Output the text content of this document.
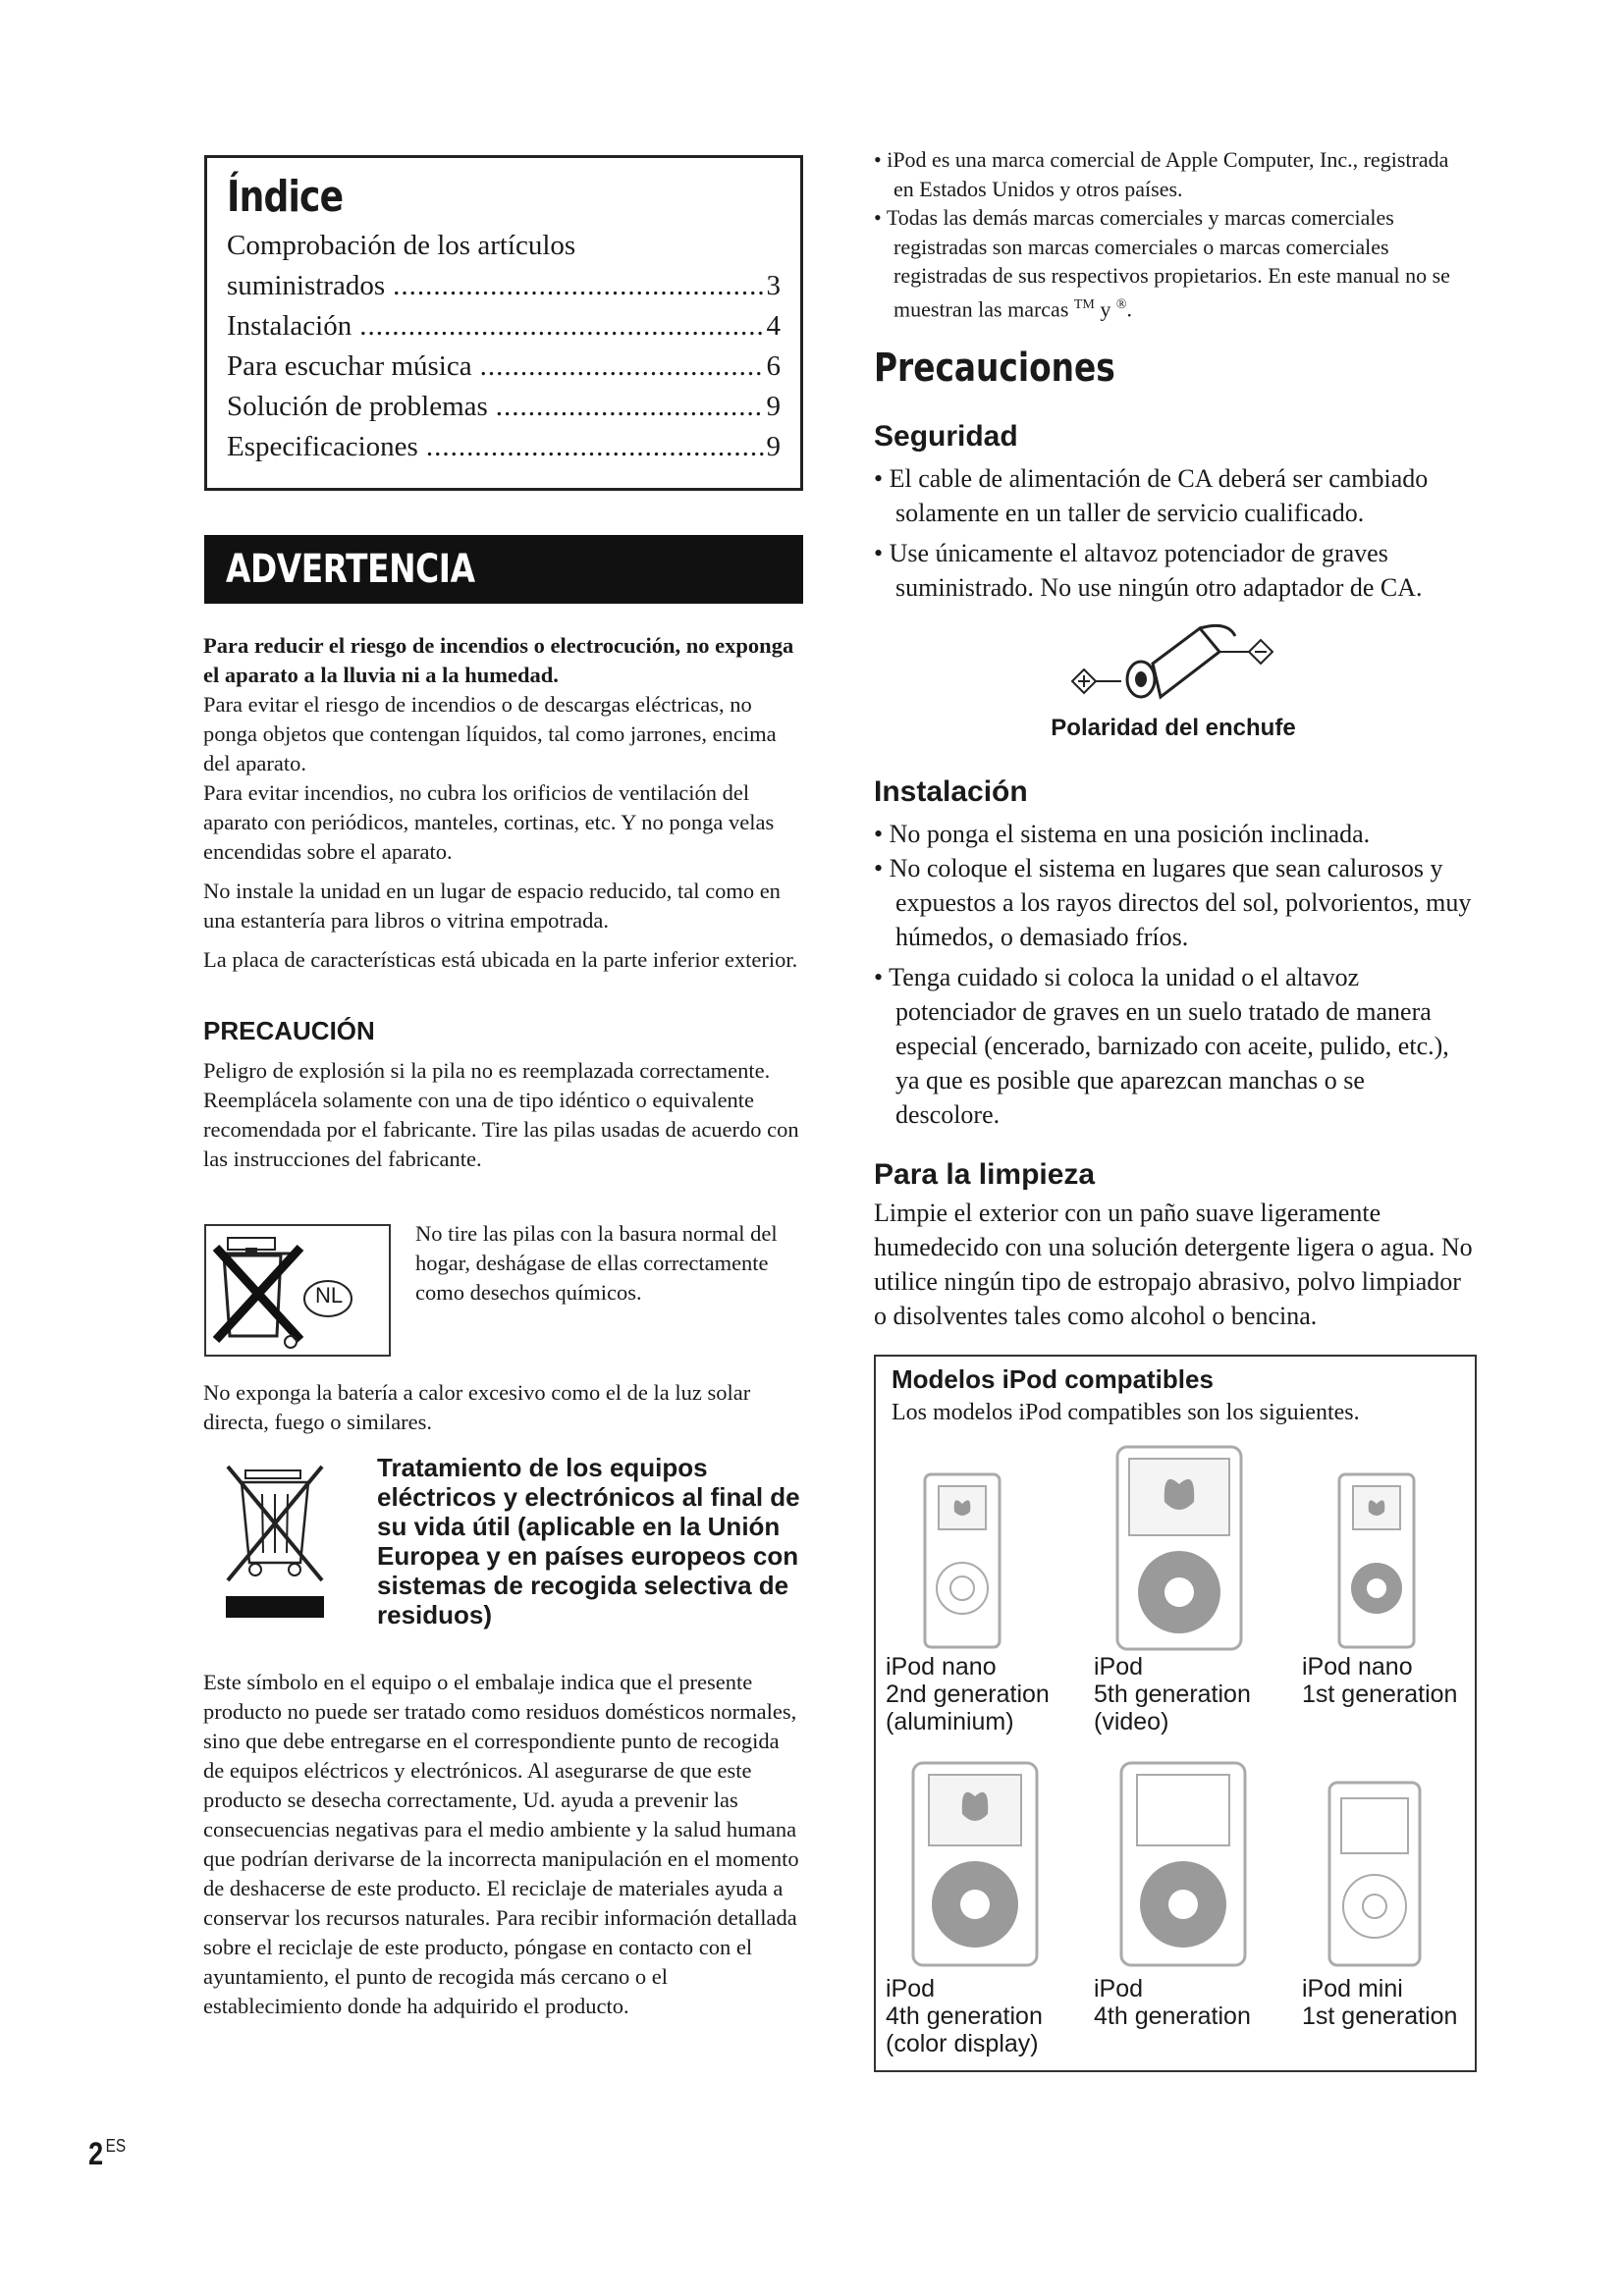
Índice
Comprobación de los artículos
suministrados .....	3
Instalación .....	4
Para escuchar música .....	6
Solución de problemas .....	9
Especificaciones .....	9
ADVERTENCIA

Para reducir el riesgo de incendios o electrocución, no exponga el aparato a la lluvia ni a la humedad.

Para evitar el riesgo de incendios o de descargas eléctricas, no ponga objetos que contengan líquidos, tal como jarrones, encima del aparato.

Para evitar incendios, no cubra los orificios de ventilación del aparato con periódicos, manteles, cortinas, etc. Y no ponga velas encendidas sobre el aparato.

No instale la unidad en un lugar de espacio reducido, tal como en una estantería para libros o vitrina empotrada.

La placa de características está ubicada en la parte inferior exterior.

PRECAUCIÓN

Peligro de explosión si la pila no es reemplazada correctamente. Reemplácela solamente con una de tipo idéntico o equivalente recomendada por el fabricante. Tire las pilas usadas de acuerdo con las instrucciones del fabricante.

NL

No tire las pilas con la basura normal del hogar, deshágase de ellas correctamente como desechos químicos.

No exponga la batería a calor excesivo como el de la luz solar directa, fuego o similares.

Tratamiento de los equipos eléctricos y electrónicos al final de su vida útil (aplicable en la Unión Europea y en países europeos con sistemas de recogida selectiva de residuos)

Este símbolo en el equipo o el embalaje indica que el presente producto no puede ser tratado como residuos domésticos normales, sino que debe entregarse en el correspondiente punto de recogida de equipos eléctricos y electrónicos. Al asegurarse de que este producto se desecha correctamente, Ud. ayuda a prevenir las consecuencias negativas para el medio ambiente y la salud humana que podrían derivarse de la incorrecta manipulación en el momento de deshacerse de este producto. El reciclaje de materiales ayuda a conservar los recursos naturales. Para recibir información detallada sobre el reciclaje de este producto, póngase en contacto con el ayuntamiento, el punto de recogida más cercano o el establecimiento donde ha adquirido el producto.

2 $^{ES}$

• iPod es una marca comercial de Apple Computer, Inc., registrada en Estados Unidos y otros países.

• Todas las demás marcas comerciales y marcas comerciales registradas son marcas comerciales o marcas comerciales registradas de sus respectivos propietarios. En este manual no se muestran las marcas ™ y ®.

Precauciones
Seguridad

• El cable de alimentación de CA deberá ser cambiado solamente en un taller de servicio cualificado.

• Use únicamente el altavoz potenciador de graves suministrado. No use ningún otro adaptador de CA.

Polaridad del enchufe
Instalación

• No ponga el sistema en una posición inclinada.

• No coloque el sistema en lugares que sean calurosos y expuestos a los rayos directos del sol, polvorientos, muy húmedos, o demasiado fríos.

• Tenga cuidado si coloca la unidad o el altavoz potenciador de graves en un suelo tratado de manera especial (encerado, barnizado con aceite, pulido, etc.), ya que es posible que aparezcan manchas o se descolore.

Para la limpieza

Limpie el exterior con un paño suave ligeramente humedecido con una solución detergente ligera o agua. No utilice ningún tipo de estropajo abrasivo, polvo limpiador o disolventes tales como alcohol o bencina.

Modelos iPod compatibles
Los modelos iPod compatibles son los siguientes.
iPod nano
2nd generation
(aluminium)
iPod
5th generation
(video)
iPod nano
1st generation
iPod
4th generation
(color display)
iPod
4th generation
iPod mini
1st generation
